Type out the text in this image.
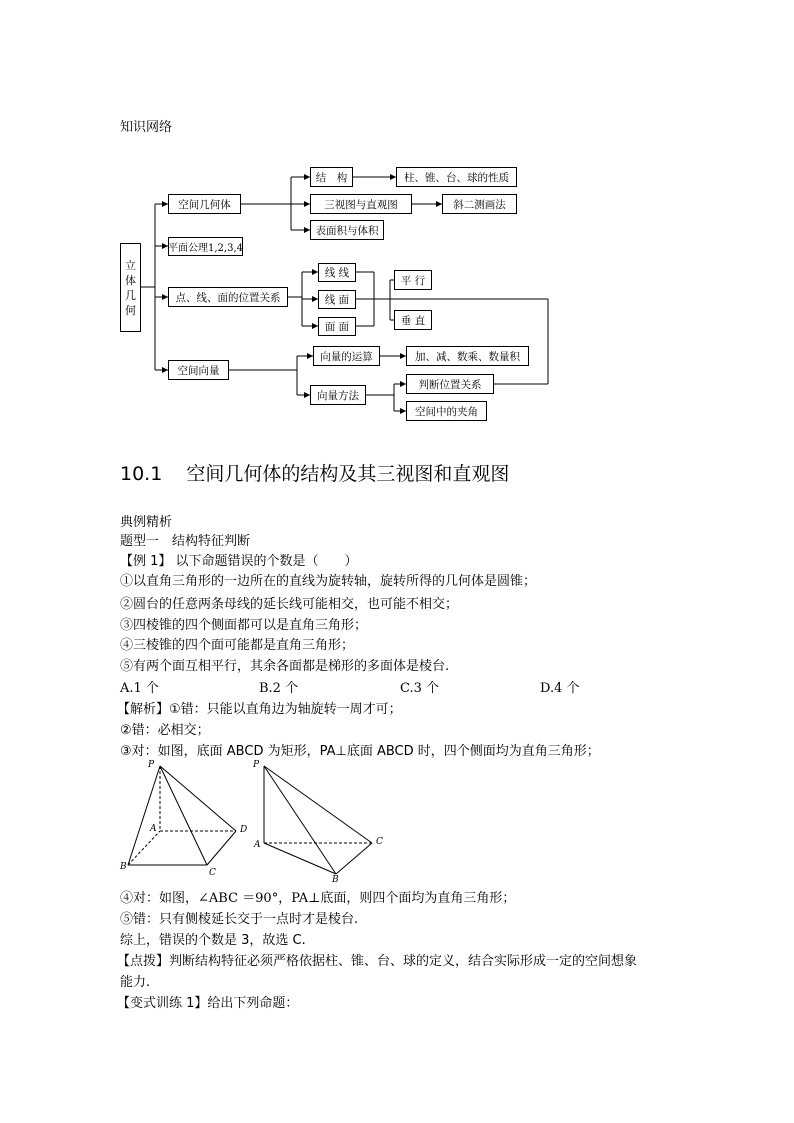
知识网络
立
体
几
何
空间几何体
平面公理1,2,3,4
点、线、面的位置关系
空间向量
结　构	柱、锥、台、球的性质
三视图与直观图	斜二测画法
表面积与体积
线 线
线 面
面 面
平 行
垂 直
向量的运算	加、减、数乘、数量积
向量方法
判断位置关系
空间中的夹角
10.1 空间几何体的结构及其三视图和直观图
典例精析
题型一　结构特征判断
【例 1】 以下命题错误的个数是（　　）
①以直角三角形的一边所在的直线为旋转轴，旋转所得的几何体是圆锥；
②圆台的任意两条母线的延长线可能相交，也可能不相交；
③四棱锥的四个侧面都可以是直角三角形；
④三棱锥的四个面可能都是直角三角形；
⑤有两个面互相平行，其余各面都是梯形的多面体是棱台.
A.1 个	B.2 个	C.3 个	D.4 个
【解析】①错：只能以直角边为轴旋转一周才可；
②错：必相交；
③对：如图，底面 ABCD 为矩形，PA⊥底面 ABCD 时，四个侧面均为直角三角形；
P
A	D
B
C
P
A	C
B
④对：如图，∠ABC ＝90°，PA⊥底面，则四个面均为直角三角形；
⑤错：只有侧棱延长交于一点时才是棱台.
综上，错误的个数是 3，故选 C.
【点拨】判断结构特征必须严格依据柱、锥、台、球的定义，结合实际形成一定的空间想象
能力.
【变式训练 1】给出下列命题：
